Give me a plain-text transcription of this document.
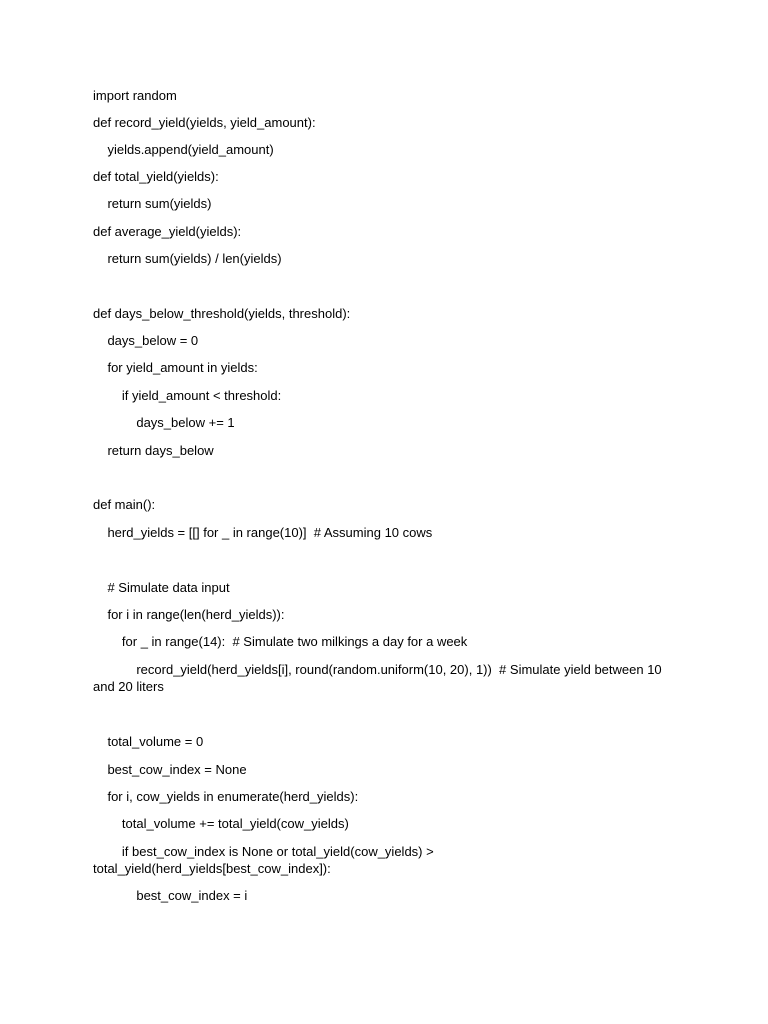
import random

def record_yield(yields, yield_amount):

yields.append(yield_amount)

def total_yield(yields):

return sum(yields)

def average_yield(yields):

return sum(yields) / len(yields)

def days_below_threshold(yields, threshold):

days_below = 0

for yield_amount in yields:

if yield_amount < threshold:

days_below += 1

return days_below

def main():

herd_yields = [[] for _ in range(10)]  # Assuming 10 cows

# Simulate data input

for i in range(len(herd_yields)):

for _ in range(14):  # Simulate two milkings a day for a week

record_yield(herd_yields[i], round(random.uniform(10, 20), 1))  # Simulate yield between 10 and 20 liters

total_volume = 0

best_cow_index = None

for i, cow_yields in enumerate(herd_yields):

total_volume += total_yield(cow_yields)

if best_cow_index is None or total_yield(cow_yields) > total_yield(herd_yields[best_cow_index]):

best_cow_index = i
